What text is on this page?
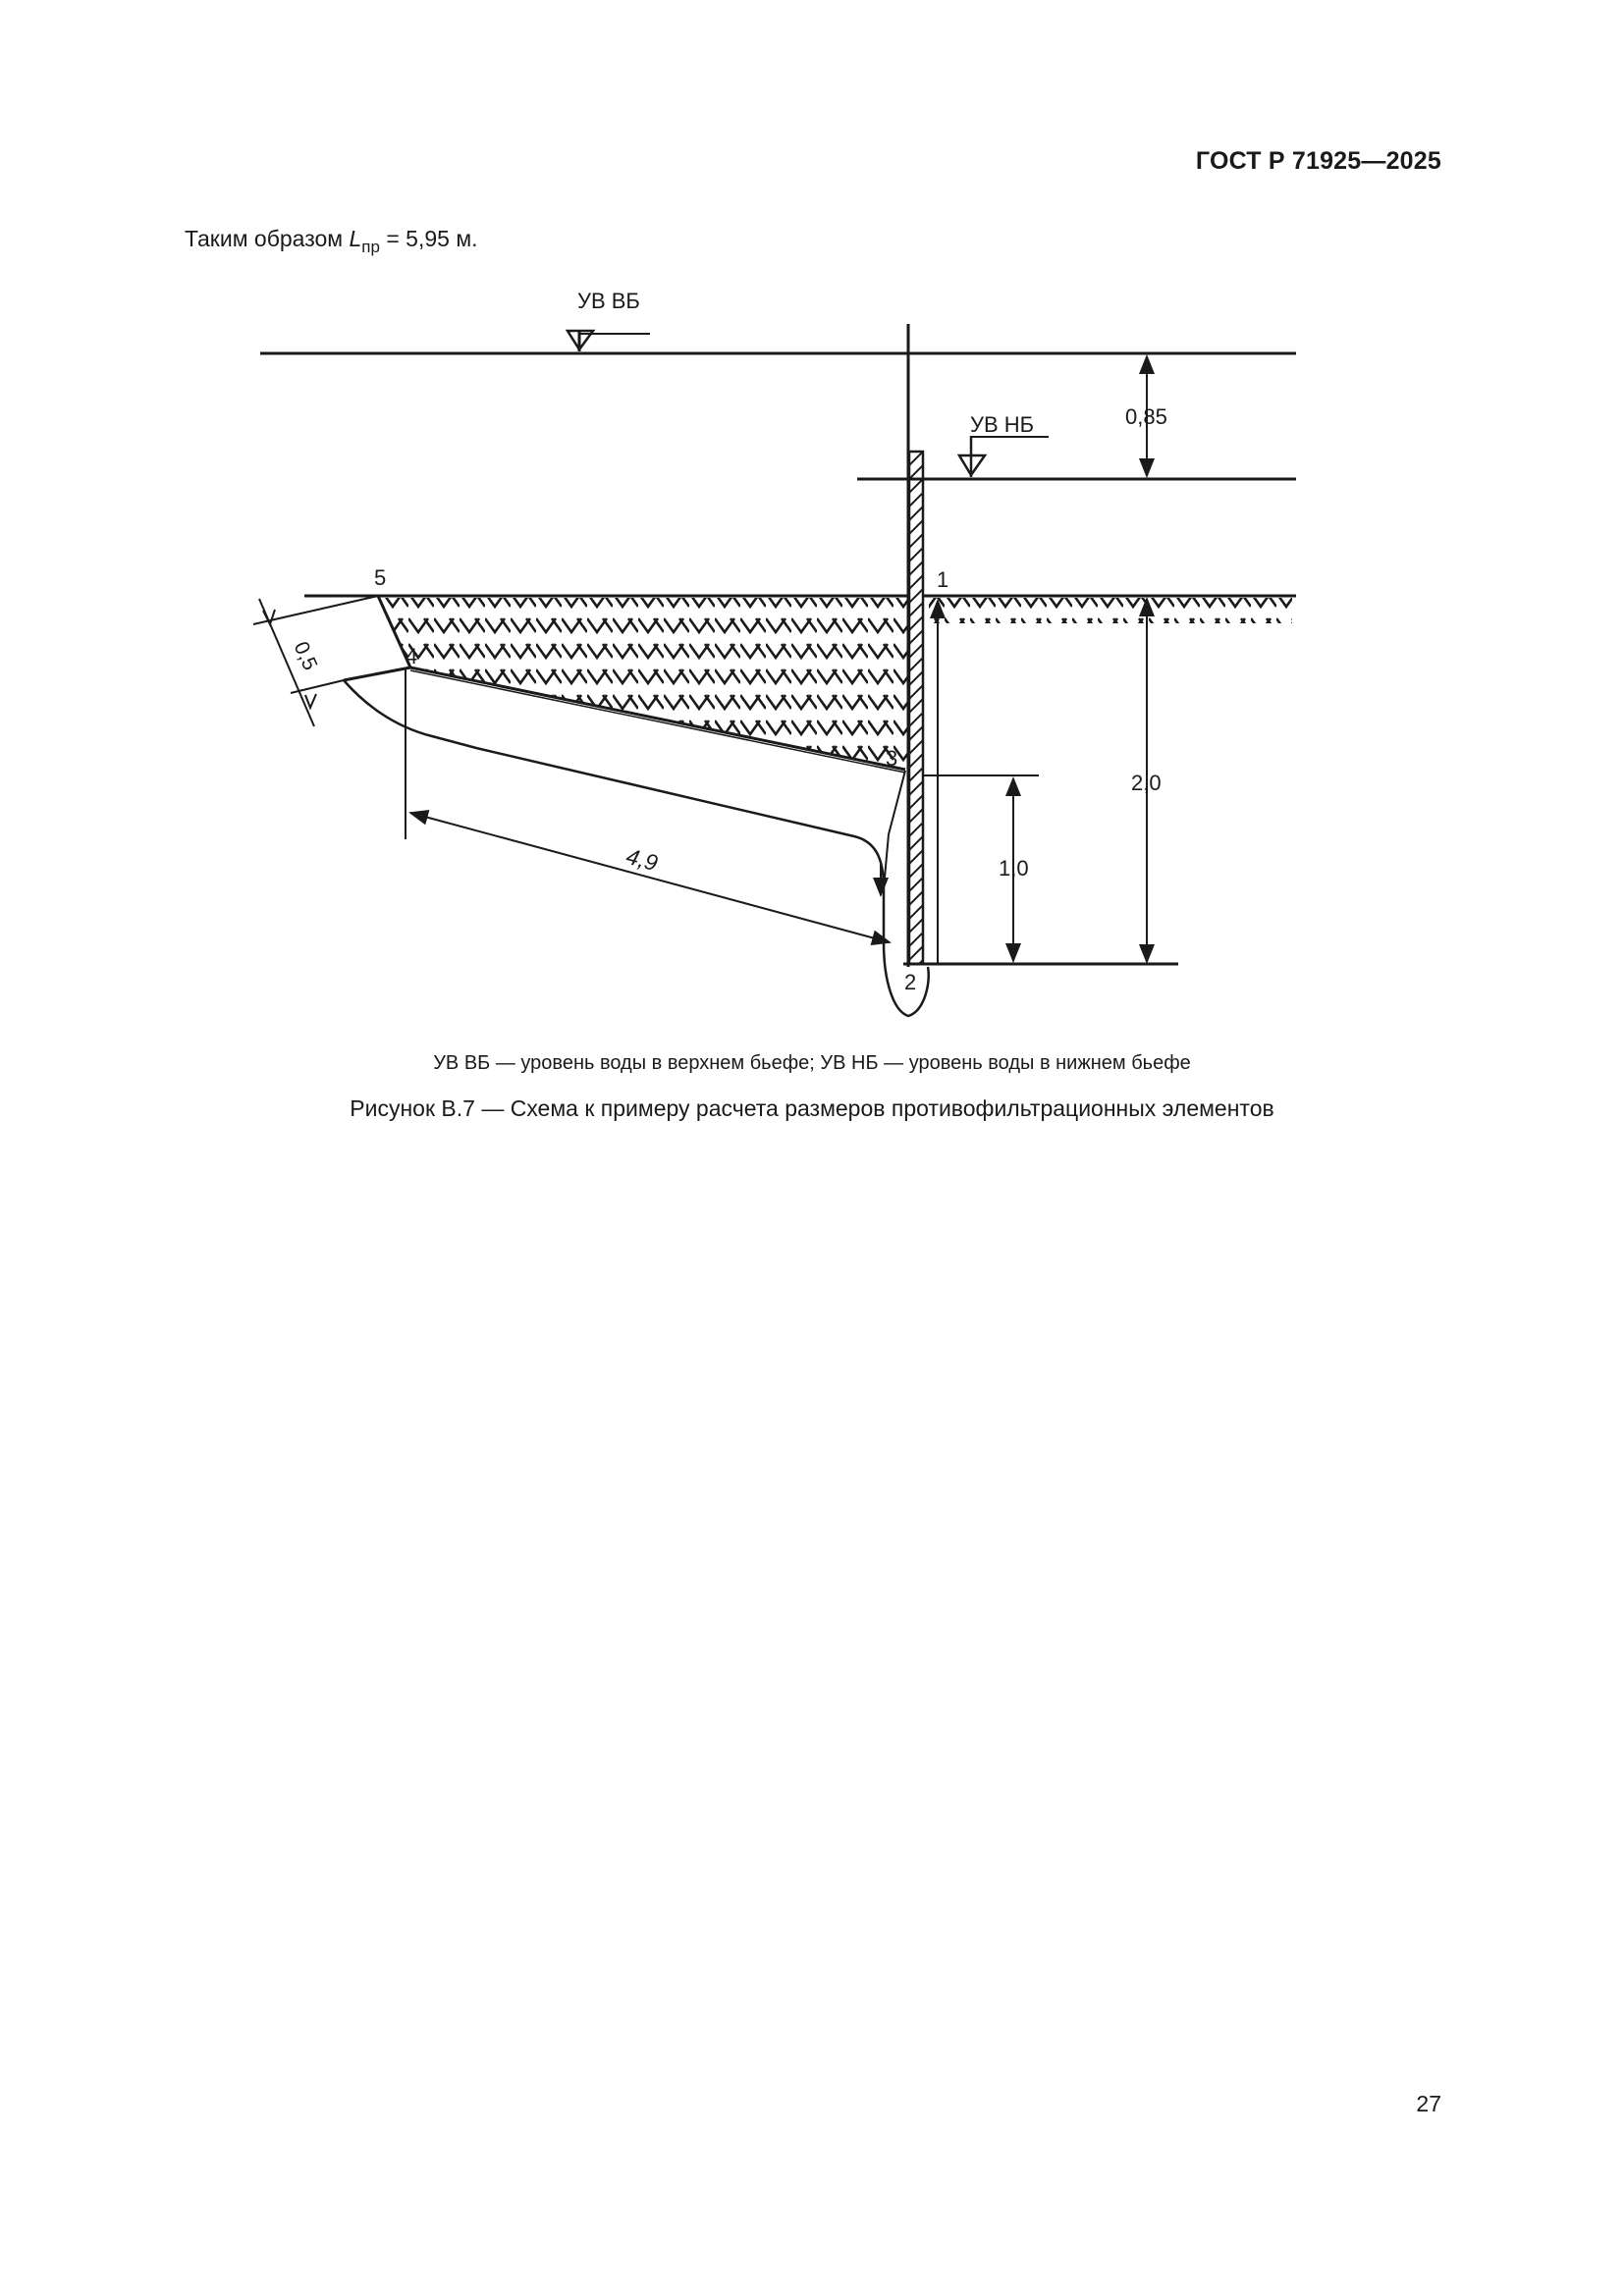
ГОСТ Р 71925—2025
Таким образом $L_{пр} = 5,95$ м.
УВ ВБ
УВ НБ
4,9
0,5
0,85
2,0
1,0
1
2
3
4
5
УВ ВБ — уровень воды в верхнем бьефе; УВ НБ — уровень воды в нижнем бьефе
Рисунок В.7 — Схема к примеру расчета размеров противофильтрационных элементов
27
